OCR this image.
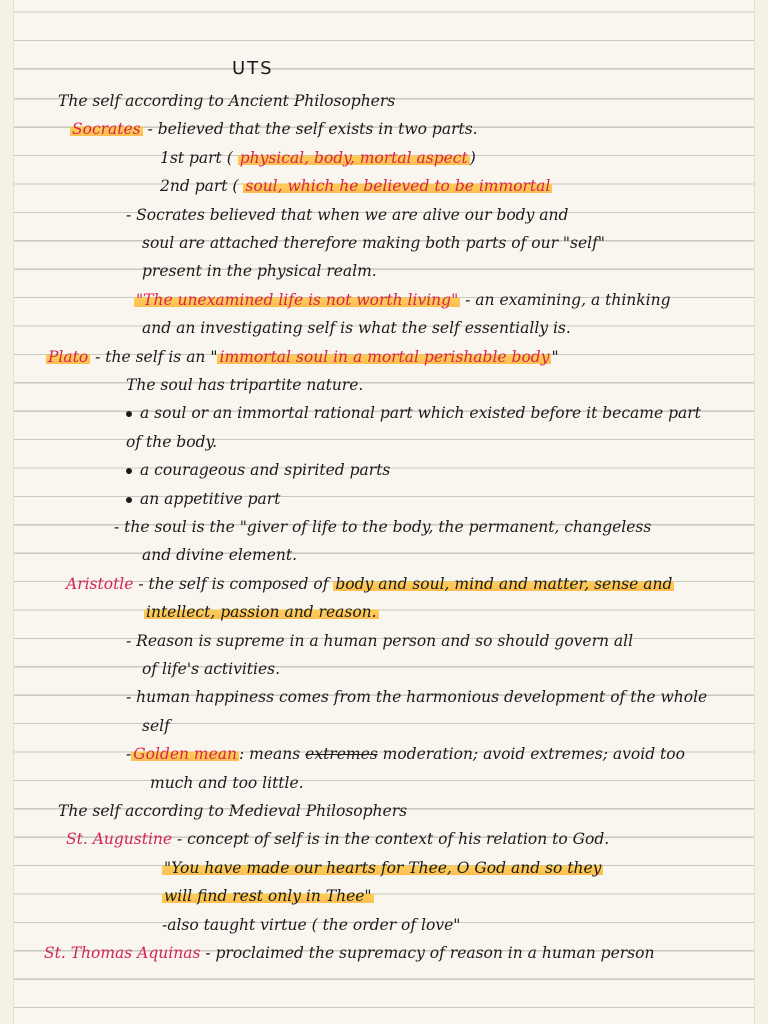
UTS
The self according to Ancient Philosophers
Socrates - believed that the self exists in two parts.
1st part ( physical, body, mortal aspect )
2nd part ( soul, which he believed to be immortal
- Socrates believed that when we are alive our body and
soul are attached therefore making both parts of our "self"
present in the physical realm.
"The unexamined life is not worth living" - an examining, a thinking
and an investigating self is what the self essentially is.
Plato - the self is an " immortal soul in a mortal perishable body "
The soul has tripartite nature.
a soul or an immortal rational part which existed before it became part
of the body.
a courageous and spirited parts
an appetitive part
- the soul is the "giver of life to the body, the permanent, changeless
and divine element.
Aristotle - the self is composed of body and soul, mind and matter, sense and
intellect, passion and reason.
- Reason is supreme in a human person and so should govern all
of life's activities.
- human happiness comes from the harmonious development of the whole
self
- Golden mean : means extremes moderation; avoid extremes; avoid too
much and too little.
The self according to Medieval Philosophers
St. Augustine - concept of self is in the context of his relation to God.
"You have made our hearts for Thee, O God and so they
will find rest only in Thee"
-also taught virtue ( the order of love"
St. Thomas Aquinas - proclaimed the supremacy of reason in a human person
